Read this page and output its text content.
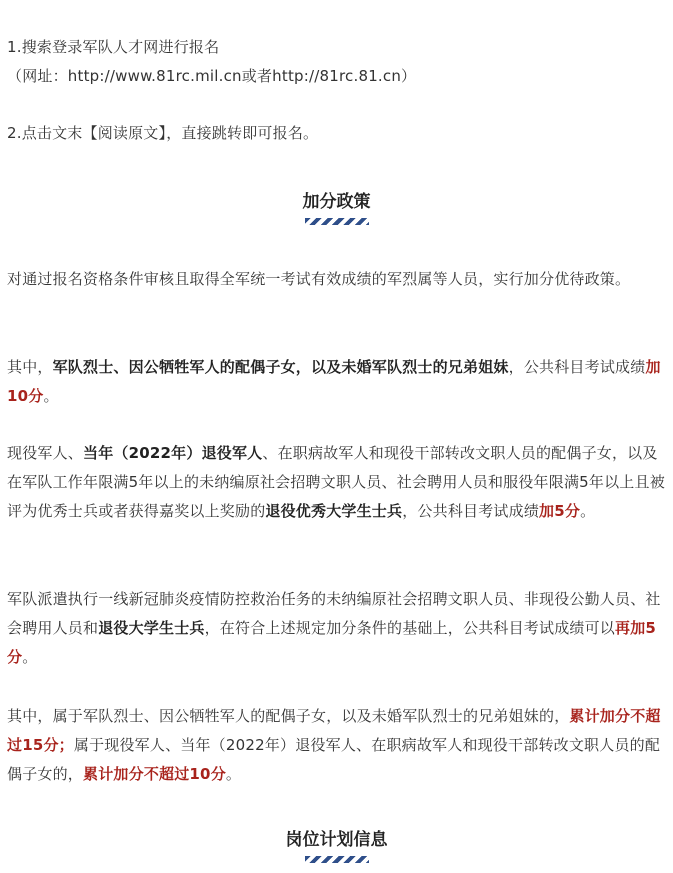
1.搜索登录军队人才网进行报名

（网址：http://www.81rc.mil.cn或者http://81rc.81.cn）

2.点击文末【阅读原文】，直接跳转即可报名。

加分政策

对通过报名资格条件审核且取得全军统一考试有效成绩的军烈属等人员，实行加分优待政策。

其中，军队烈士、因公牺牲军人的配偶子女，以及未婚军队烈士的兄弟姐妹，公共科目考试成绩加10分。

现役军人、当年（2022年）退役军人、在职病故军人和现役干部转改文职人员的配偶子女，以及在军队工作年限满5年以上的未纳编原社会招聘文职人员、社会聘用人员和服役年限满5年以上且被评为优秀士兵或者获得嘉奖以上奖励的退役优秀大学生士兵，公共科目考试成绩加5分。

军队派遣执行一线新冠肺炎疫情防控救治任务的未纳编原社会招聘文职人员、非现役公勤人员、社会聘用人员和退役大学生士兵，在符合上述规定加分条件的基础上，公共科目考试成绩可以再加5分。

其中，属于军队烈士、因公牺牲军人的配偶子女，以及未婚军队烈士的兄弟姐妹的，累计加分不超过15分；属于现役军人、当年（2022年）退役军人、在职病故军人和现役干部转改文职人员的配偶子女的，累计加分不超过10分。

岗位计划信息
